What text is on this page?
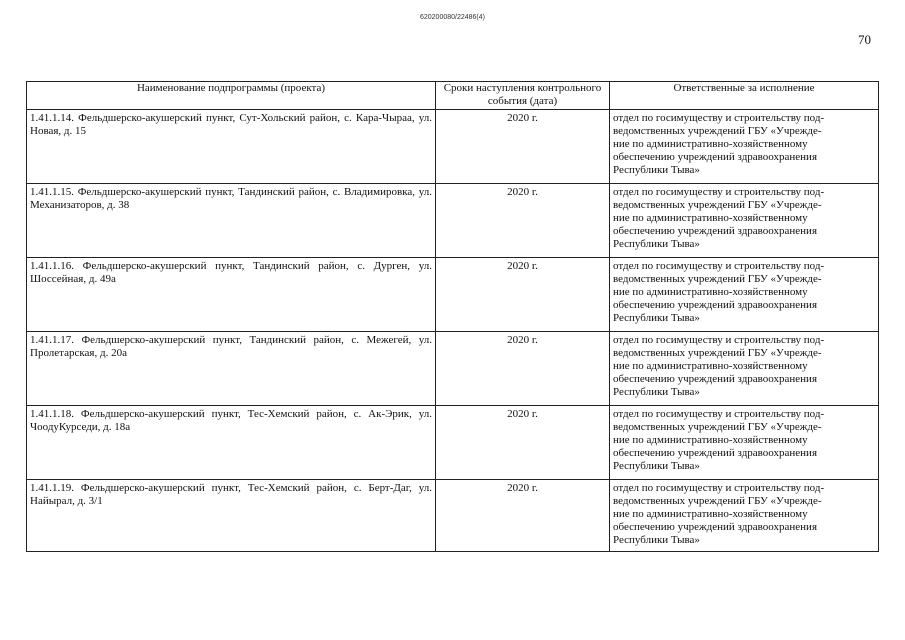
620200080/22486(4)
70
Наименование подпрограммы (проекта)	Сроки наступления контрольного события (дата)	Ответственные за исполнение
1.41.1.14. Фельдшерско-акушерский пункт, Сут-Хольский район, с. Кара-Чыраа, ул. Новая, д. 15	2020 г.	отдел по госимуществу и строительству под-
ведомственных учреждений ГБУ «Учрежде-
ние по административно-хозяйственному
обеспечению учреждений здравоохранения
Республики Тыва»

1.41.1.15. Фельдшерско-акушерский пункт, Тандинский район, с. Владимировка, ул. Механизаторов, д. 38	2020 г.	отдел по госимуществу и строительству под-
ведомственных учреждений ГБУ «Учрежде-
ние по административно-хозяйственному
обеспечению учреждений здравоохранения
Республики Тыва»

1.41.1.16. Фельдшерско-акушерский пункт, Тандинский район, с. Дурген, ул. Шоссейная, д. 49а	2020 г.	отдел по госимуществу и строительству под-
ведомственных учреждений ГБУ «Учрежде-
ние по административно-хозяйственному
обеспечению учреждений здравоохранения
Республики Тыва»

1.41.1.17. Фельдшерско-акушерский пункт, Тандинский район, с. Межегей, ул. Пролетарская, д. 20а	2020 г.	отдел по госимуществу и строительству под-
ведомственных учреждений ГБУ «Учрежде-
ние по административно-хозяйственному
обеспечению учреждений здравоохранения
Республики Тыва»

1.41.1.18. Фельдшерско-акушерский пункт, Тес-Хемский район, с. Ак-Эрик, ул. ЧоодуКурседи, д. 18а	2020 г.	отдел по госимуществу и строительству под-
ведомственных учреждений ГБУ «Учрежде-
ние по административно-хозяйственному
обеспечению учреждений здравоохранения
Республики Тыва»

1.41.1.19. Фельдшерско-акушерский пункт, Тес-Хемский район, с. Берт-Даг, ул. Найырал, д. 3/1	2020 г.	отдел по госимуществу и строительству под-
ведомственных учреждений ГБУ «Учрежде-
ние по административно-хозяйственному
обеспечению учреждений здравоохранения
Республики Тыва»
